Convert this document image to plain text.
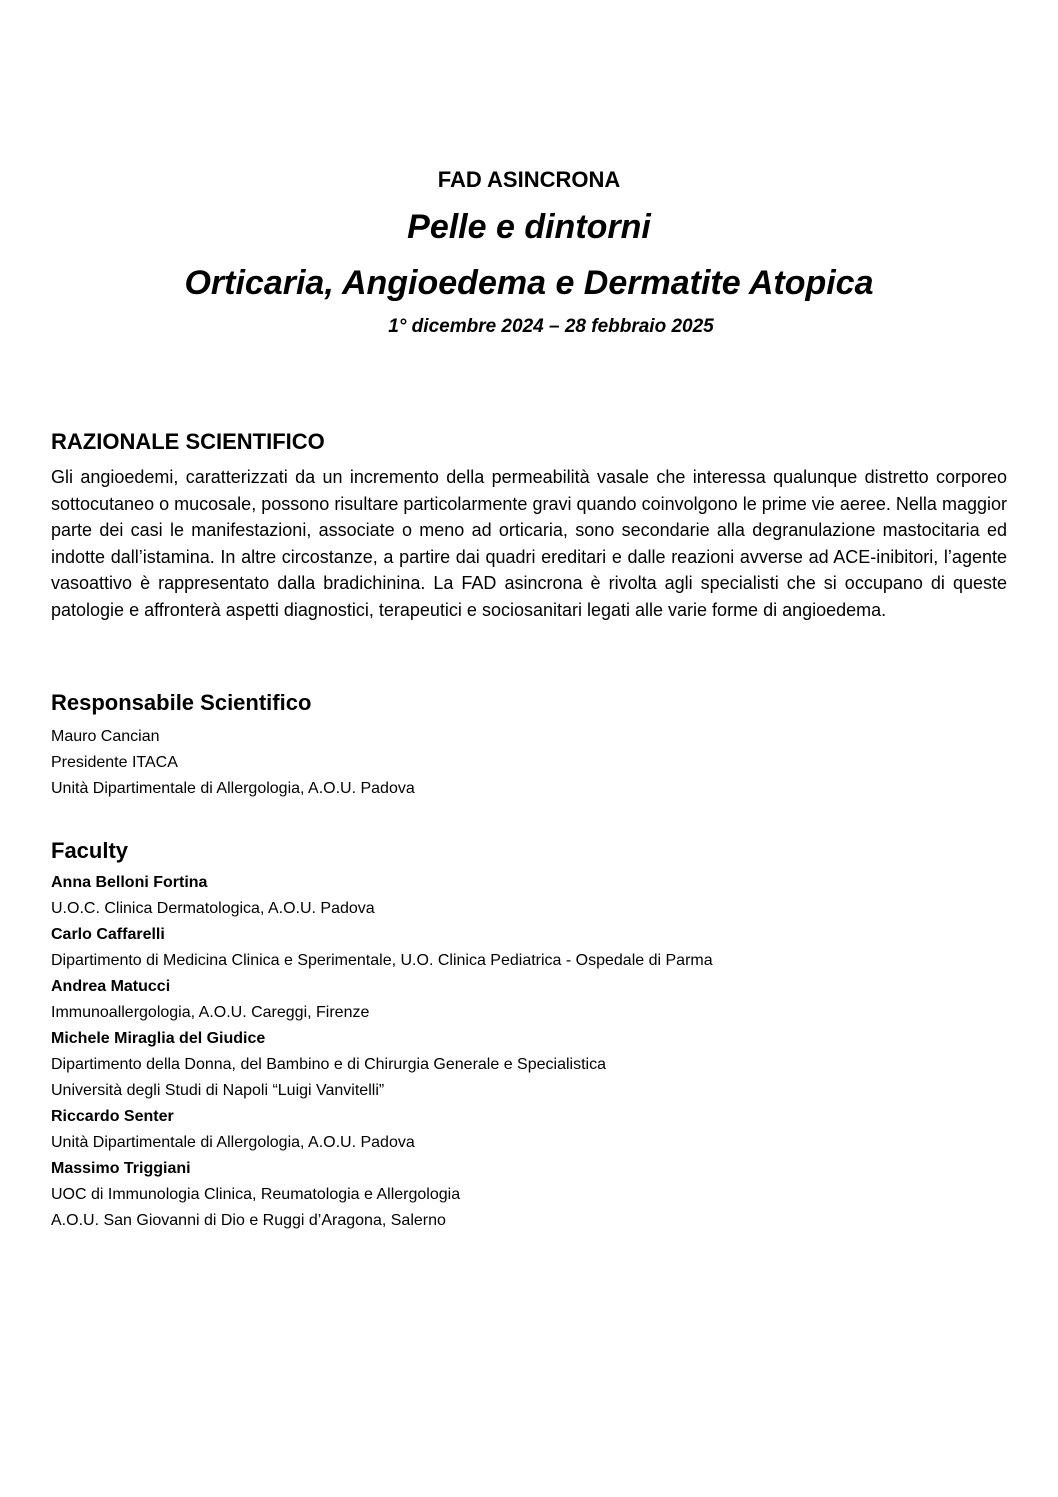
FAD ASINCRONA
Pelle e dintorni
Orticaria, Angioedema e Dermatite Atopica
1° dicembre 2024 – 28 febbraio 2025
RAZIONALE SCIENTIFICO
Gli angioedemi, caratterizzati da un incremento della permeabilità vasale che interessa qualunque distretto corporeo sottocutaneo o mucosale, possono risultare particolarmente gravi quando coinvolgono le prime vie aeree. Nella maggior parte dei casi le manifestazioni, associate o meno ad orticaria, sono secondarie alla degranulazione mastocitaria ed indotte dall’istamina. In altre circostanze, a partire dai quadri ereditari e dalle reazioni avverse ad ACE-inibitori, l’agente vasoattivo è rappresentato dalla bradichinina. La FAD asincrona è rivolta agli specialisti che si occupano di queste patologie e affronterà aspetti diagnostici, terapeutici e sociosanitari legati alle varie forme di angioedema.
Responsabile Scientifico
Mauro Cancian
Presidente ITACA
Unità Dipartimentale di Allergologia, A.O.U. Padova
Faculty
Anna Belloni Fortina
U.O.C. Clinica Dermatologica, A.O.U. Padova
Carlo Caffarelli
Dipartimento di Medicina Clinica e Sperimentale, U.O. Clinica Pediatrica - Ospedale di Parma
Andrea Matucci
Immunoallergologia, A.O.U. Careggi, Firenze
Michele Miraglia del Giudice
Dipartimento della Donna, del Bambino e di Chirurgia Generale e Specialistica
Università degli Studi di Napoli “Luigi Vanvitelli”
Riccardo Senter
Unità Dipartimentale di Allergologia, A.O.U. Padova
Massimo Triggiani
UOC di Immunologia Clinica, Reumatologia e Allergologia
A.O.U. San Giovanni di Dio e Ruggi d’Aragona, Salerno
